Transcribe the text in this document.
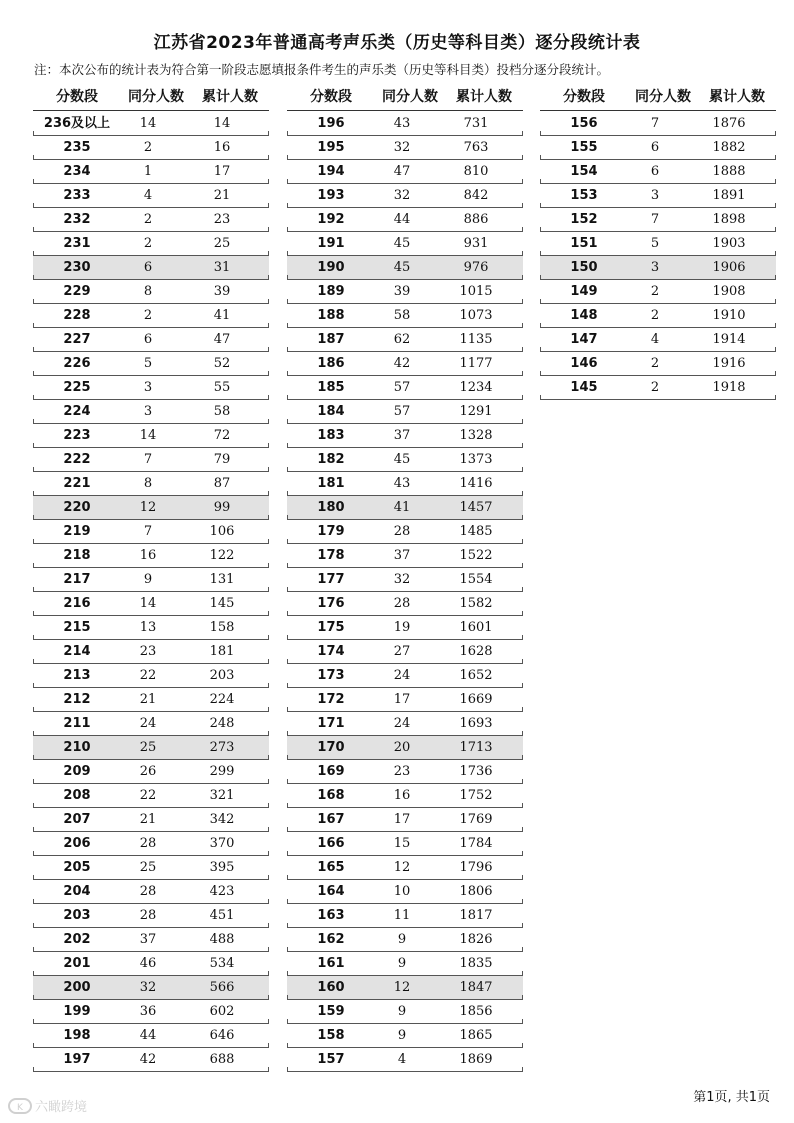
江苏省2023年普通高考声乐类（历史等科目类）逐分段统计表
注：本次公布的统计表为符合第一阶段志愿填报条件考生的声乐类（历史等科目类）投档分逐分段统计。
分数段	同分人数	累计人数
236及以上	14	14
235	2	16
234	1	17
233	4	21
232	2	23
231	2	25
230	6	31
229	8	39
228	2	41
227	6	47
226	5	52
225	3	55
224	3	58
223	14	72
222	7	79
221	8	87
220	12	99
219	7	106
218	16	122
217	9	131
216	14	145
215	13	158
214	23	181
213	22	203
212	21	224
211	24	248
210	25	273
209	26	299
208	22	321
207	21	342
206	28	370
205	25	395
204	28	423
203	28	451
202	37	488
201	46	534
200	32	566
199	36	602
198	44	646
197	42	688
分数段	同分人数	累计人数
196	43	731
195	32	763
194	47	810
193	32	842
192	44	886
191	45	931
190	45	976
189	39	1015
188	58	1073
187	62	1135
186	42	1177
185	57	1234
184	57	1291
183	37	1328
182	45	1373
181	43	1416
180	41	1457
179	28	1485
178	37	1522
177	32	1554
176	28	1582
175	19	1601
174	27	1628
173	24	1652
172	17	1669
171	24	1693
170	20	1713
169	23	1736
168	16	1752
167	17	1769
166	15	1784
165	12	1796
164	10	1806
163	11	1817
162	9	1826
161	9	1835
160	12	1847
159	9	1856
158	9	1865
157	4	1869
分数段	同分人数	累计人数
156	7	1876
155	6	1882
154	6	1888
153	3	1891
152	7	1898
151	5	1903
150	3	1906
149	2	1908
148	2	1910
147	4	1914
146	2	1916
145	2	1918
第1页, 共1页
K 六瞰跨境
